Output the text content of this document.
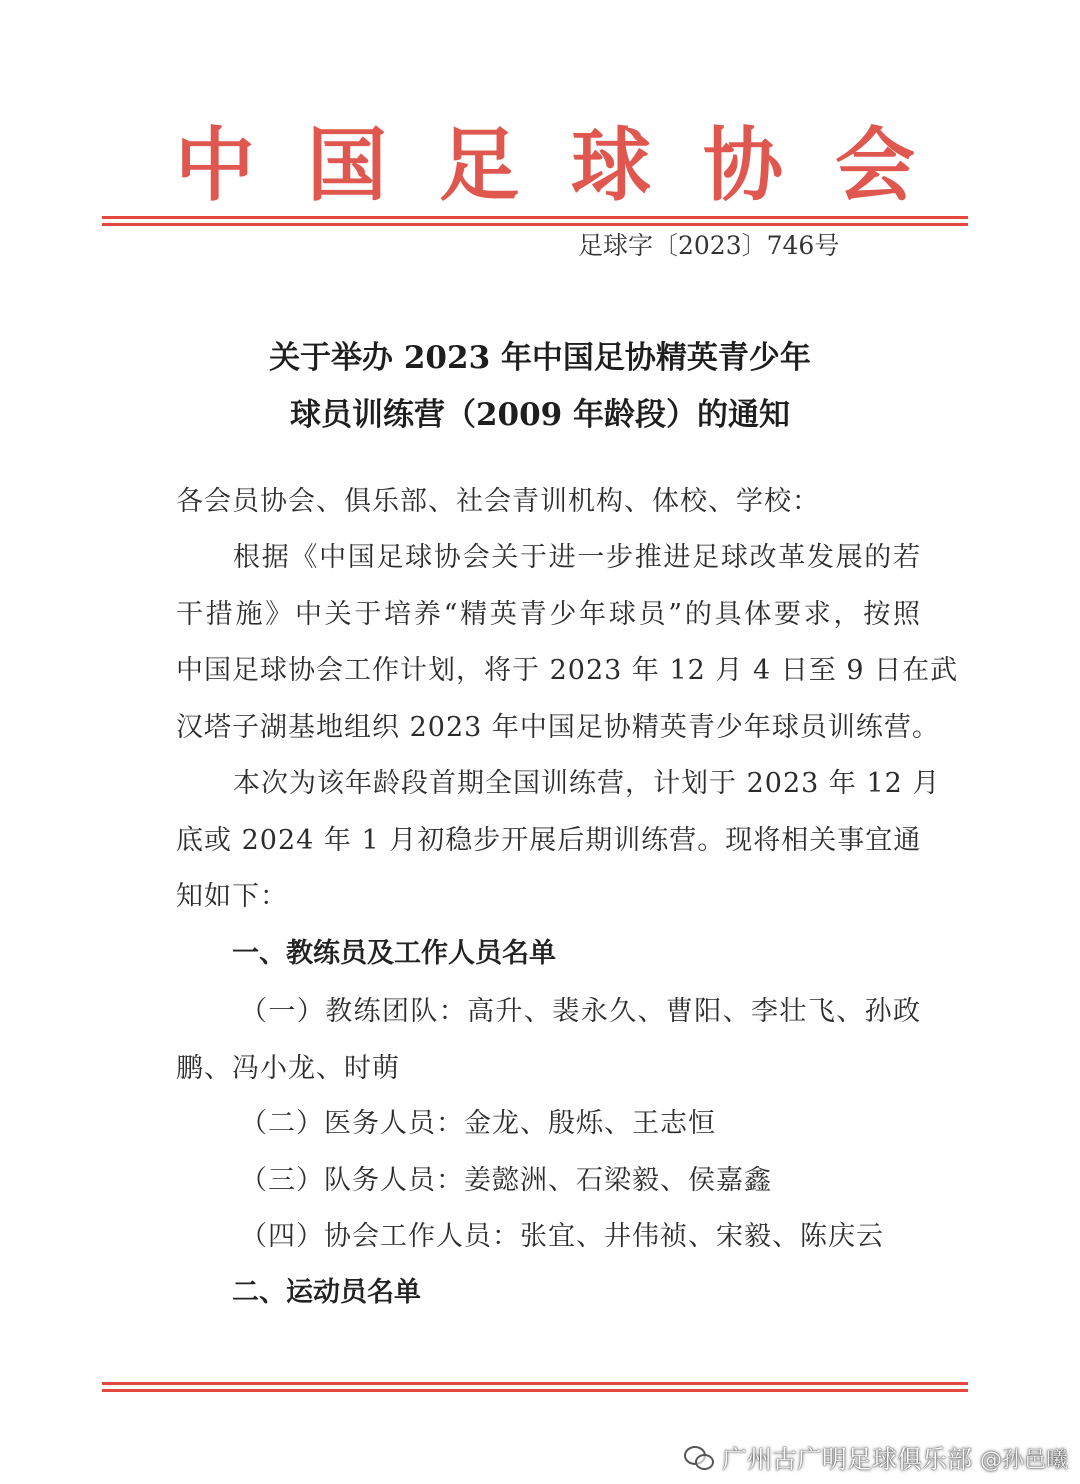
中 国 足 球 协 会
足球字〔2023〕746号
关于举办 2023 年中国足协精英青少年
球员训练营（2009 年龄段）的通知
各会员协会、俱乐部、社会青训机构、体校、学校：
根据《中国足球协会关于进一步推进足球改革发展的若
干措施》中关于培养“精英青少年球员”的具体要求，按照
中国足球协会工作计划，将于 2023 年 12 月 4 日至 9 日在武
汉塔子湖基地组织 2023 年中国足协精英青少年球员训练营。
本次为该年龄段首期全国训练营，计划于 2023 年 12 月
底或 2024 年 1 月初稳步开展后期训练营。现将相关事宜通
知如下：
一、教练员及工作人员名单
（一）教练团队：高升、裴永久、曹阳、李壮飞、孙政
鹏、冯小龙、时萌
（二）医务人员：金龙、殷烁、王志恒
（三）队务人员：姜懿洲、石梁毅、侯嘉鑫
（四）协会工作人员：张宜、井伟祯、宋毅、陈庆云
二、运动员名单
广州古广明足球俱乐部 @孙邑曦
